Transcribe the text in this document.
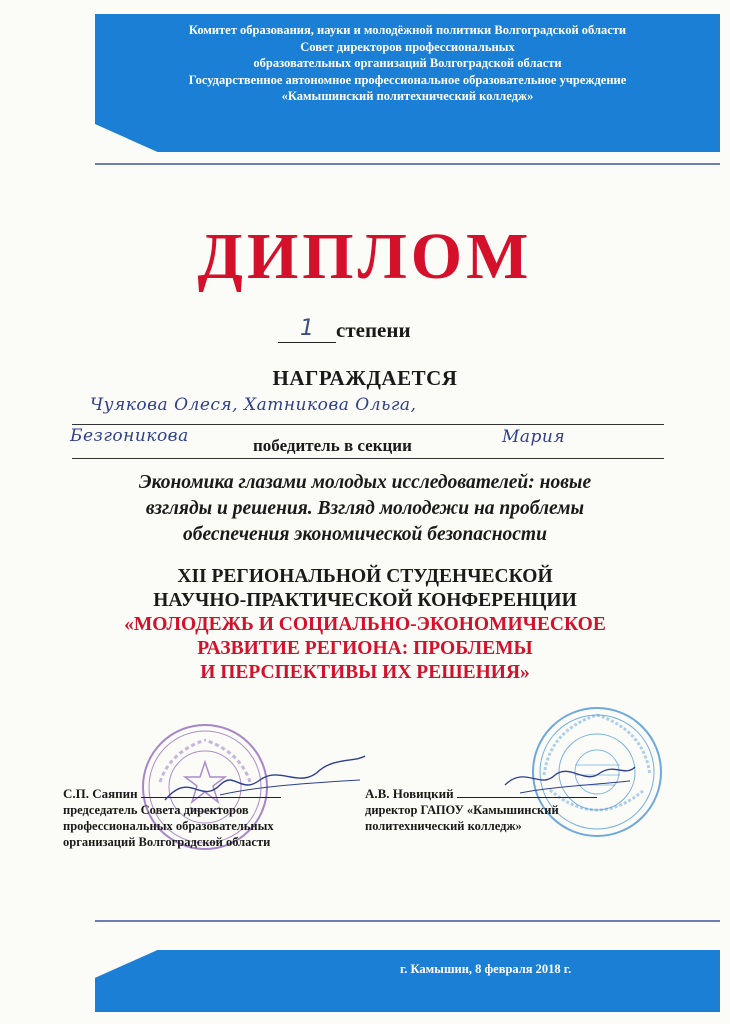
Комитет образования, науки и молодёжной политики Волгоградской области
Совет директоров профессиональных
образовательных организаций Волгоградской области
Государственное автономное профессиональное образовательное учреждение
«Камышинский политехнический колледж»
ДИПЛОМ
1 степени
НАГРАЖДАЕТСЯ
Чуякова Олеся, Хатникова Ольга,
Безгоникова	победитель в секции	Мария
Экономика глазами молодых исследователей: новые
взгляды и решения. Взгляд молодежи на проблемы
обеспечения экономической безопасности
XII РЕГИОНАЛЬНОЙ СТУДЕНЧЕСКОЙ
НАУЧНО-ПРАКТИЧЕСКОЙ КОНФЕРЕНЦИИ
«МОЛОДЕЖЬ И СОЦИАЛЬНО-ЭКОНОМИЧЕСКОЕ
РАЗВИТИЕ РЕГИОНА: ПРОБЛЕМЫ
И ПЕРСПЕКТИВЫ ИХ РЕШЕНИЯ»
С.П. Саяпин
председатель Совета директоров
профессиональных образовательных
организаций Волгоградской области
А.В. Новицкий
директор ГАПОУ «Камышинский
политехнический колледж»
г. Камышин, 8 февраля 2018 г.
